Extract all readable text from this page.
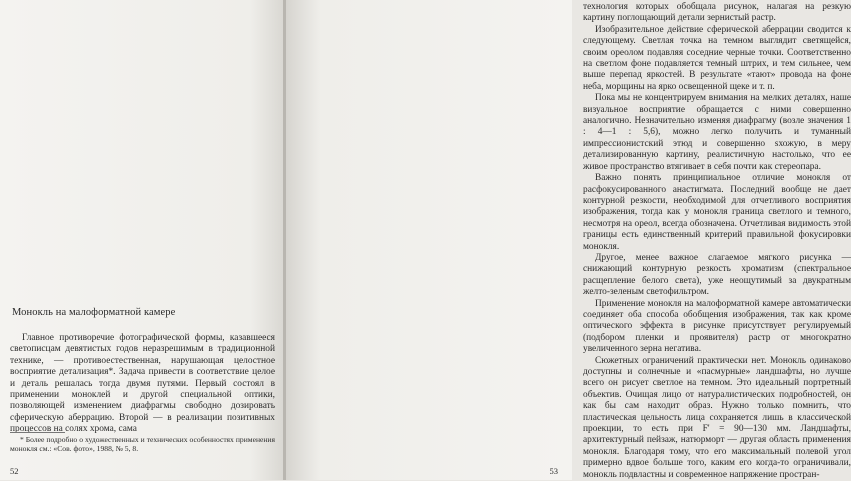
Монокль на малоформатной камере

Главное противоречие фотографической формы, казавшееся светописцам девятистых годов неразрешимым в традиционной технике, — противоестественная, нарушающая целостное восприятие детализация*. Задача привести в соответствие целое и деталь решалась тогда двумя путями. Первый состоял в применении монoклей и другой специальной оптики, позволяющей изменением диафрагмы свободно дозировать сферическую аберрацию. Второй — в реализации позитивных процессов на солях хрома, сама

* Более подробно о художественных и технических особенностях применения монокля см.: «Сов. фото», 1988, № 5, 8.

52

технология которых обобщала рисунок, налагая на резкую картину поглощающий детали зернистый растр.

Изобразительное действие сферической аберрации сводится к следующему. Светлая точка на темном выглядит светящейся, своим ореолом подавляя соседние черные точки. Соответственно на светлом фоне подавляется темный штрих, и тем сильнее, чем выше перепад яркостей. В результате «тают» провода на фоне неба, морщины на ярко освещенной щеке и т. п.

Пока мы не концентрируем внимания на мелких деталях, наше визуальное восприятие обращается с ними совершенно аналогично. Незначительно изменяя диафрагму (возле значения 1 : 4—1 : 5,6), можно легко получить и туманный импрессионистский этюд и совершенно sхожую, в меру детализированную картину, реалистичную настолько, что ее живое пространство втягивает в себя почти как стереопара.

Важно понять принципиальное отличие монокля от расфокусированного анастигмата. Последний вообще не дает контурной резкости, необходимой для отчетливого восприятия изображения, тогда как у монокля граница светлого и темного, несмотря на ореол, всегда обозначена. Отчетливая видимость этой границы есть единственный критерий правильной фокусировки монокля.

Другое, менее важное слагаемое мягкого рисунка — снижающий контурную резкость хроматизм (спектральное расщепление белого света), уже неощутимый за двукратным желто-зеленым светофильтром.

Применение монокля на малоформатной камере автоматически соединяет оба способа обобщения изображения, так как кроме оптического эффекта в рисунке присутствует регулируемый (подбором пленки и проявителя) растр от многократно увеличенного зерна негатива.

Сюжетных ограничений практически нет. Монокль одинаково доступны и солнечные и «пасмурные» ландшафты, но лучше всего он рисует светлое на темном. Это идеальный портретный объектив. Очищая лицо от натуралистических подробностей, он как бы сам находит образ. Нужно только помнить, что пластическая цельность лица сохраняется лишь в классической проекции, то есть при F' = 90—130 мм. Ландшафты, архитектурный пейзаж, натюрморт — другая область применения монокля. Благодаря тому, что его максимальный полевой угол примерно вдвое больше того, каким его когда-то ограничивали, монокль подвластны и современное напряжение простран-

53
